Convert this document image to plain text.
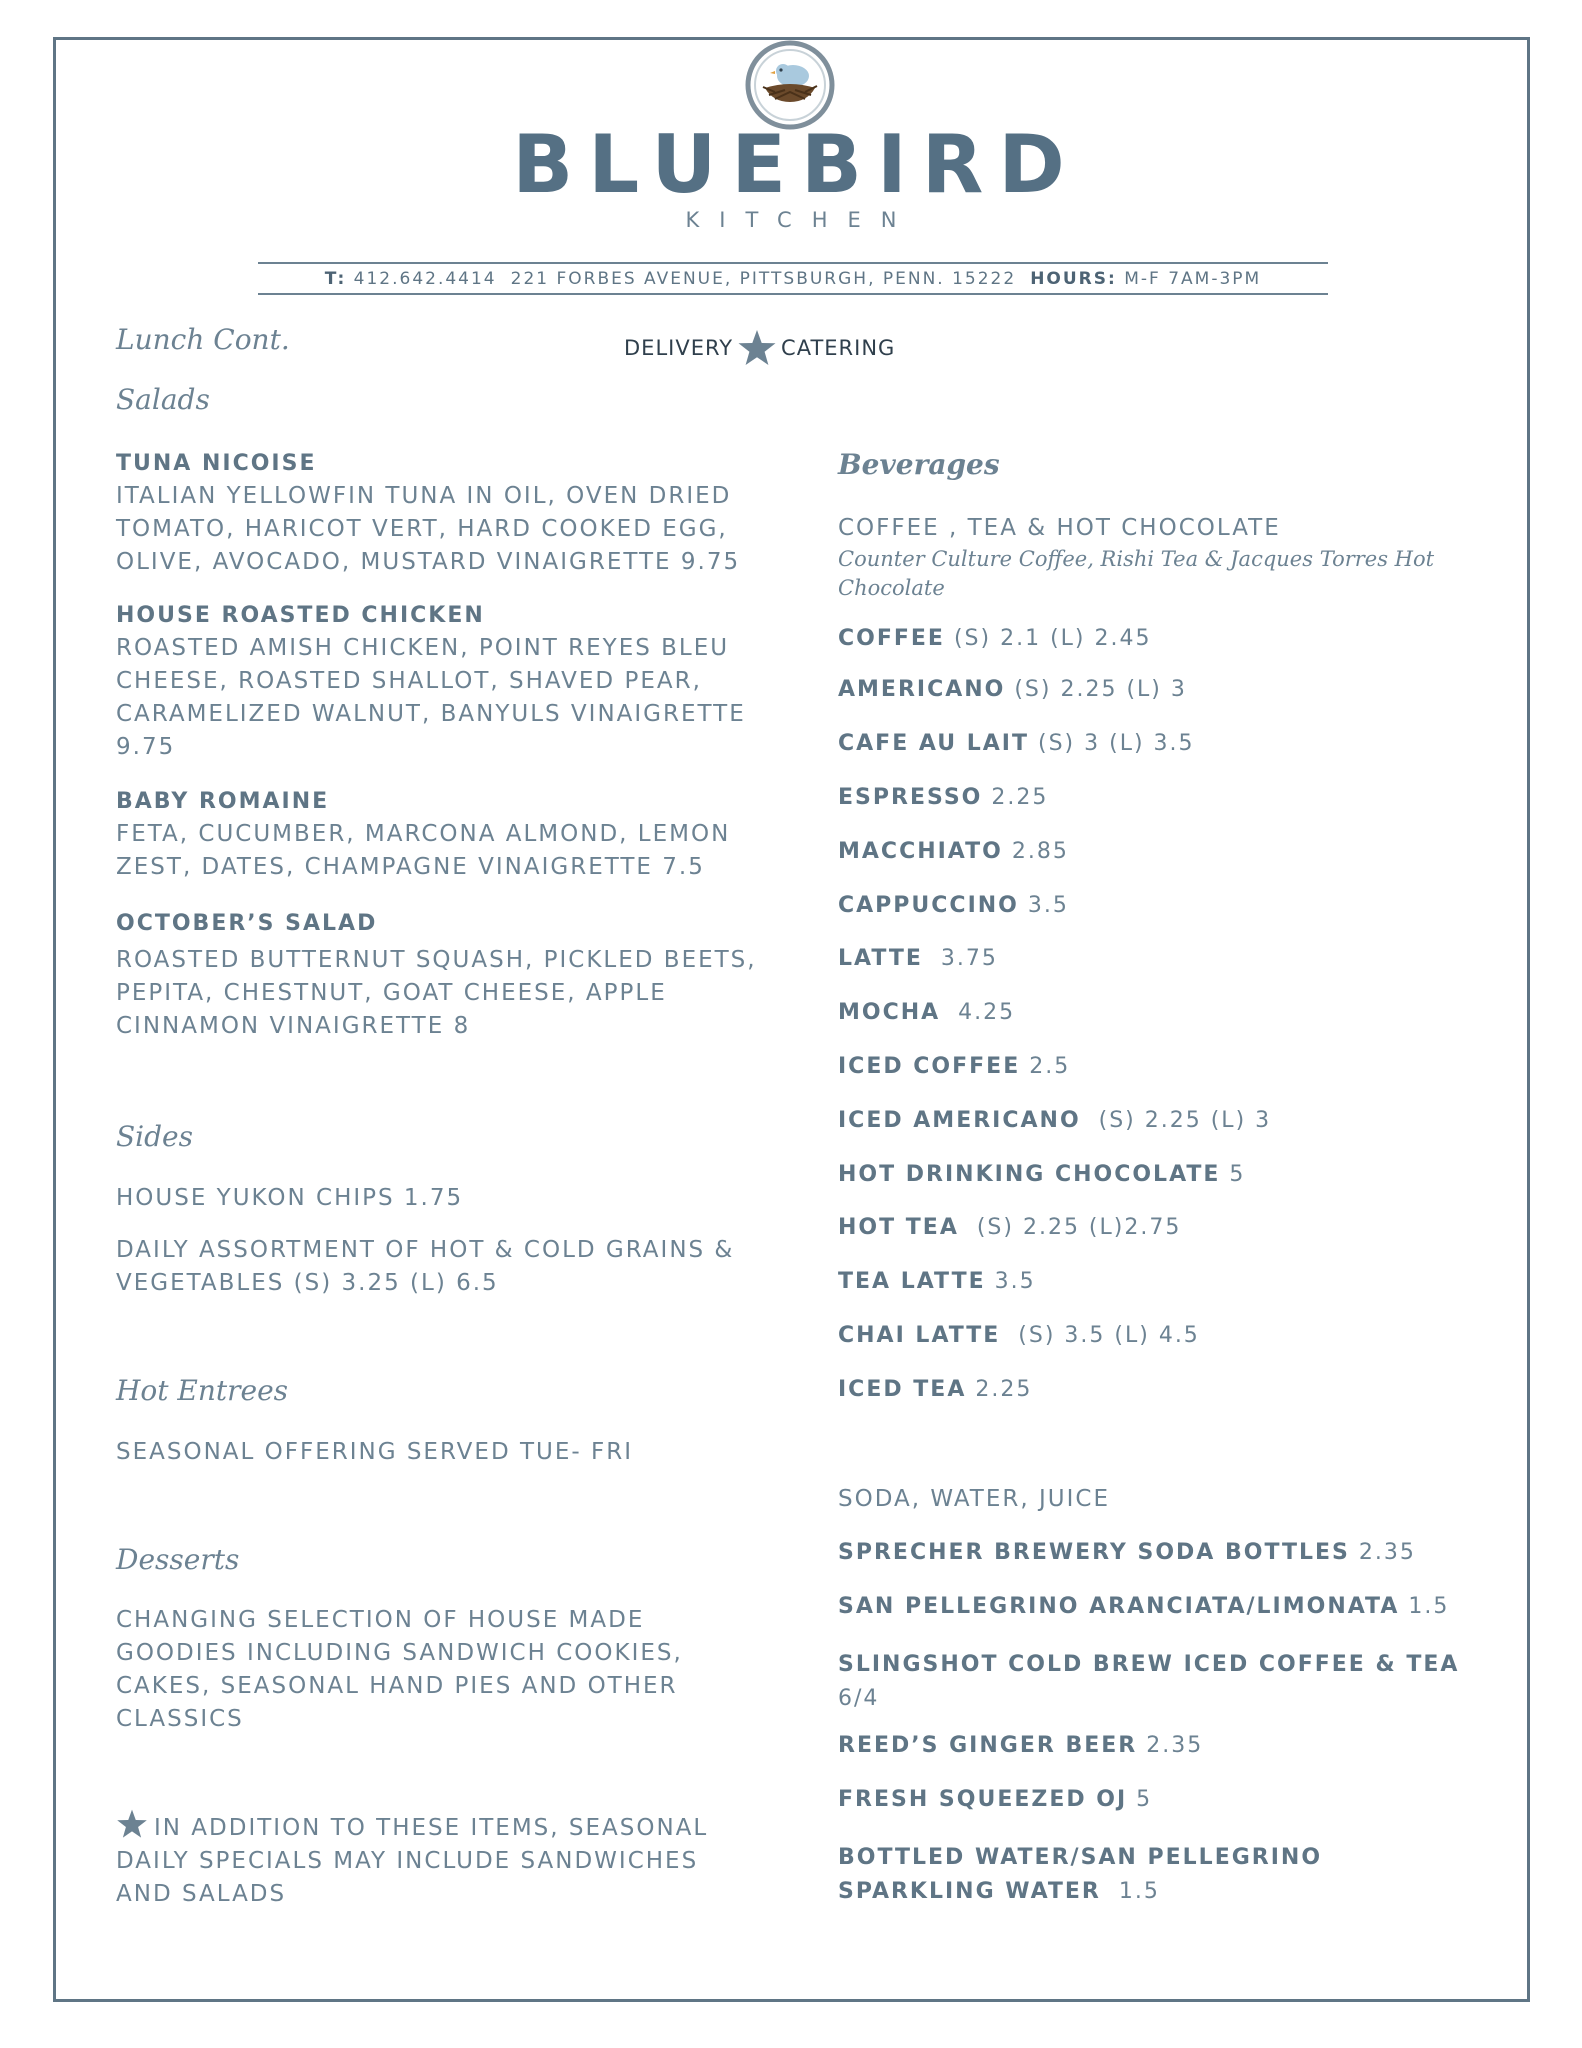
BLUEBIRD
KITCHEN
T:
412.642.4414 221 FORBES AVENUE, PITTSBURGH, PENN. 15222 HOURS:
M-F 7AM-3PM
DELIVERY CATERING
Lunch Cont.
Salads
TUNA NICOISE
ITALIAN YELLOWFIN TUNA IN OIL, OVEN DRIED TOMATO, HARICOT VERT, HARD COOKED EGG, OLIVE, AVOCADO, MUSTARD VINAIGRETTE 9.75
HOUSE ROASTED CHICKEN
ROASTED AMISH CHICKEN, POINT REYES BLEU CHEESE, ROASTED SHALLOT, SHAVED PEAR, CARAMELIZED WALNUT, BANYULS VINAIGRETTE 9.75
BABY ROMAINE
FETA, CUCUMBER, MARCONA ALMOND, LEMON ZEST, DATES, CHAMPAGNE VINAIGRETTE 7.5
OCTOBER’S SALAD
ROASTED BUTTERNUT SQUASH, PICKLED BEETS, PEPITA, CHESTNUT, GOAT CHEESE, APPLE CINNAMON VINAIGRETTE 8
Sides
HOUSE YUKON CHIPS 1.75
DAILY ASSORTMENT OF HOT & COLD GRAINS & VEGETABLES (S) 3.25 (L) 6.5
Hot Entrees
SEASONAL OFFERING SERVED TUE- FRI
Desserts
CHANGING SELECTION OF HOUSE MADE GOODIES INCLUDING SANDWICH COOKIES, CAKES, SEASONAL HAND PIES AND OTHER CLASSICS
IN ADDITION TO THESE ITEMS, SEASONAL DAILY SPECIALS MAY INCLUDE SANDWICHES AND SALADS
Beverages
COFFEE , TEA & HOT CHOCOLATE
Counter Culture Coffee, Rishi Tea & Jacques Torres Hot Chocolate
COFFEE (S) 2.1 (L) 2.45
AMERICANO (S) 2.25 (L) 3
CAFE AU LAIT (S) 3 (L) 3.5
ESPRESSO 2.25
MACCHIATO 2.85
CAPPUCCINO 3.5
LATTE  3.75
MOCHA  4.25
ICED COFFEE 2.5
ICED AMERICANO  (S) 2.25 (L) 3
HOT DRINKING CHOCOLATE 5
HOT TEA  (S) 2.25 (L)2.75
TEA LATTE 3.5
CHAI LATTE  (S) 3.5 (L) 4.5
ICED TEA 2.25
SODA, WATER, JUICE
SPRECHER BREWERY SODA BOTTLES 2.35
SAN PELLEGRINO ARANCIATA/LIMONATA 1.5
SLINGSHOT COLD BREW ICED COFFEE & TEA 6/4
REED’S GINGER BEER 2.35
FRESH SQUEEZED OJ 5
BOTTLED WATER/SAN PELLEGRINO SPARKLING WATER  1.5
